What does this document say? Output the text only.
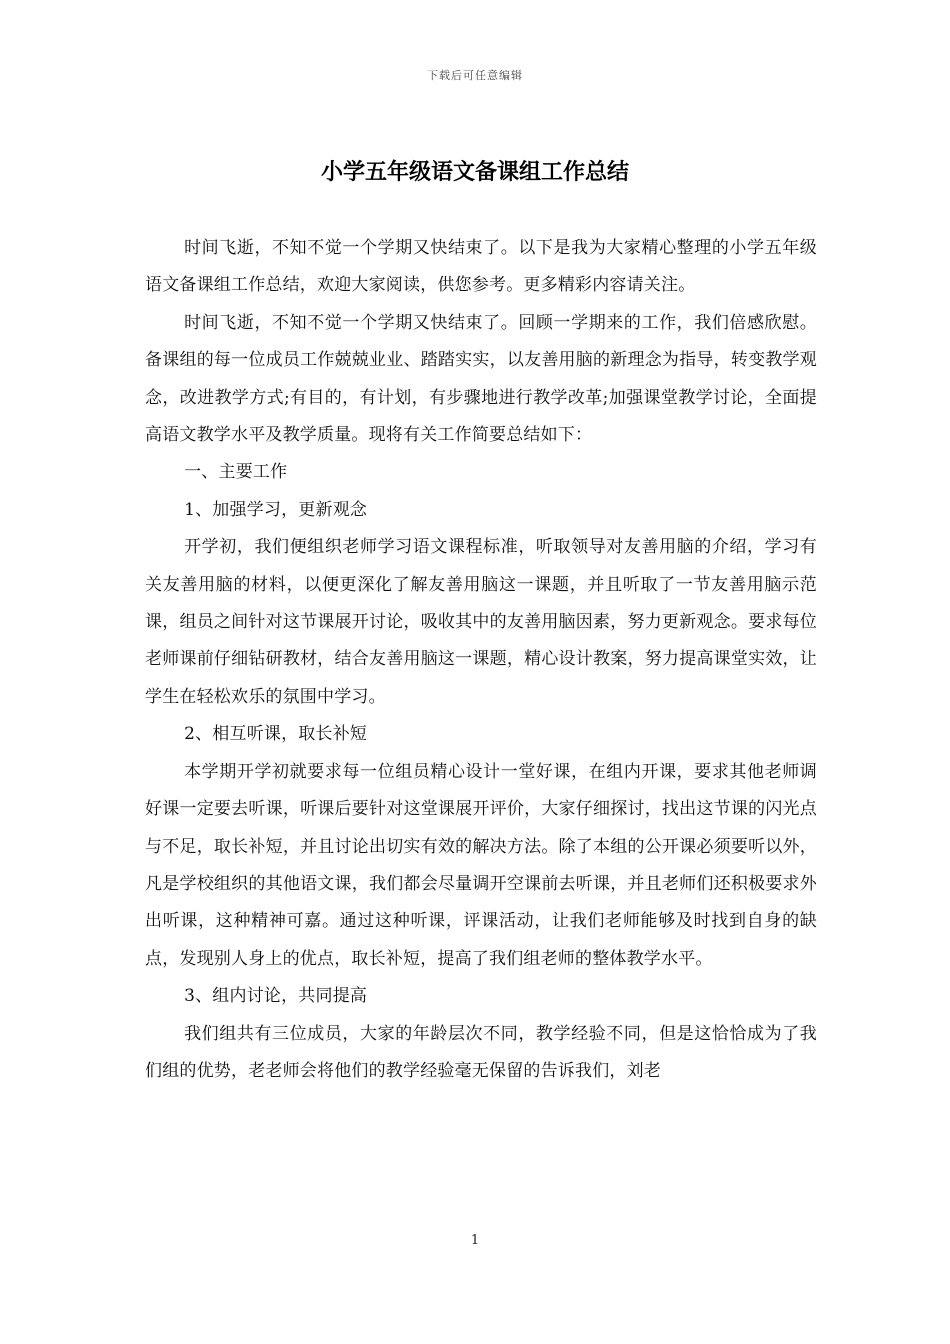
下载后可任意编辑
小学五年级语文备课组工作总结

时间飞逝，不知不觉一个学期又快结束了。以下是我为大家精心整理的小学五年级语文备课组工作总结，欢迎大家阅读，供您参考。更多精彩内容请关注。

时间飞逝，不知不觉一个学期又快结束了。回顾一学期来的工作，我们倍感欣慰。备课组的每一位成员工作兢兢业业、踏踏实实，以友善用脑的新理念为指导，转变教学观念，改进教学方式;有目的，有计划，有步骤地进行教学改革;加强课堂教学讨论，全面提高语文教学水平及教学质量。现将有关工作简要总结如下：

一、主要工作

1、加强学习，更新观念

开学初，我们便组织老师学习语文课程标准，听取领导对友善用脑的介绍，学习有关友善用脑的材料，以便更深化了解友善用脑这一课题，并且听取了一节友善用脑示范课，组员之间针对这节课展开讨论，吸收其中的友善用脑因素，努力更新观念。要求每位老师课前仔细钻研教材，结合友善用脑这一课题，精心设计教案，努力提高课堂实效，让学生在轻松欢乐的氛围中学习。

2、相互听课，取长补短

本学期开学初就要求每一位组员精心设计一堂好课，在组内开课，要求其他老师调好课一定要去听课，听课后要针对这堂课展开评价，大家仔细探讨，找出这节课的闪光点与不足，取长补短，并且讨论出切实有效的解决方法。除了本组的公开课必须要听以外，凡是学校组织的其他语文课，我们都会尽量调开空课前去听课，并且老师们还积极要求外出听课，这种精神可嘉。通过这种听课，评课活动，让我们老师能够及时找到自身的缺点，发现别人身上的优点，取长补短，提高了我们组老师的整体教学水平。

3、组内讨论，共同提高

我们组共有三位成员，大家的年龄层次不同，教学经验不同，但是这恰恰成为了我们组的优势，老老师会将他们的教学经验毫无保留的告诉我们，刘老

1
